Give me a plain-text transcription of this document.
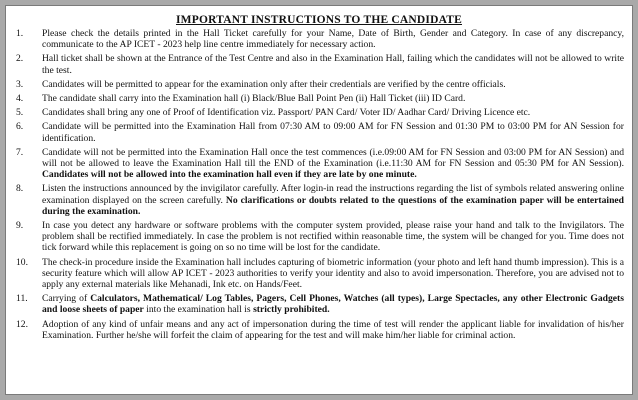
IMPORTANT INSTRUCTIONS TO THE CANDIDATE
1.	Please check the details printed in the Hall Ticket carefully for your Name, Date of Birth, Gender and Category. In case of any discrepancy, communicate to the AP ICET - 2023 help line centre immediately for necessary action.
2.	Hall ticket shall be shown at the Entrance of the Test Centre and also in the Examination Hall, failing which the candidates will not be allowed to write the test.
3.	Candidates will be permitted to appear for the examination only after their credentials are verified by the centre officials.
4.	The candidate shall carry into the Examination hall (i) Black/Blue Ball Point Pen (ii) Hall Ticket (iii) ID Card.
5.	Candidates shall bring any one of Proof of Identification viz. Passport/ PAN Card/ Voter ID/ Aadhar Card/ Driving Licence etc.
6.	Candidate will be permitted into the Examination Hall from 07:30 AM to 09:00 AM for FN Session and 01:30 PM to 03:00 PM for AN Session for identification.
7.	Candidate will not be permitted into the Examination Hall once the test commences (i.e.09:00 AM for FN Session and 03:00 PM for AN Session) and will not be allowed to leave the Examination Hall till the END of the Examination (i.e.11:30 AM for FN Session and 05:30 PM for AN Session). Candidates will not be allowed into the examination hall even if they are late by one minute.
8.	Listen the instructions announced by the invigilator carefully. After login-in read the instructions regarding the list of symbols related answering online examination displayed on the screen carefully. No clarifications or doubts related to the questions of the examination paper will be entertained during the examination.
9.	In case you detect any hardware or software problems with the computer system provided, please raise your hand and talk to the Invigilators. The problem shall be rectified immediately. In case the problem is not rectified within reasonable time, the system will be changed for you. Time does not tick forward while this replacement is going on so no time will be lost for the candidate.
10.	The check-in procedure inside the Examination hall includes capturing of biometric information (your photo and left hand thumb impression). This is a security feature which will allow AP ICET - 2023 authorities to verify your identity and also to avoid impersonation. Therefore, you are advised not to apply any external materials like Mehanadi, Ink etc. on Hands/Feet.
11.	Carrying of Calculators, Mathematical/ Log Tables, Pagers, Cell Phones, Watches (all types), Large Spectacles, any other Electronic Gadgets and loose sheets of paper into the examination hall is strictly prohibited.
12.	Adoption of any kind of unfair means and any act of impersonation during the time of test will render the applicant liable for invalidation of his/her Examination. Further he/she will forfeit the claim of appearing for the test and will make him/her liable for criminal action.
